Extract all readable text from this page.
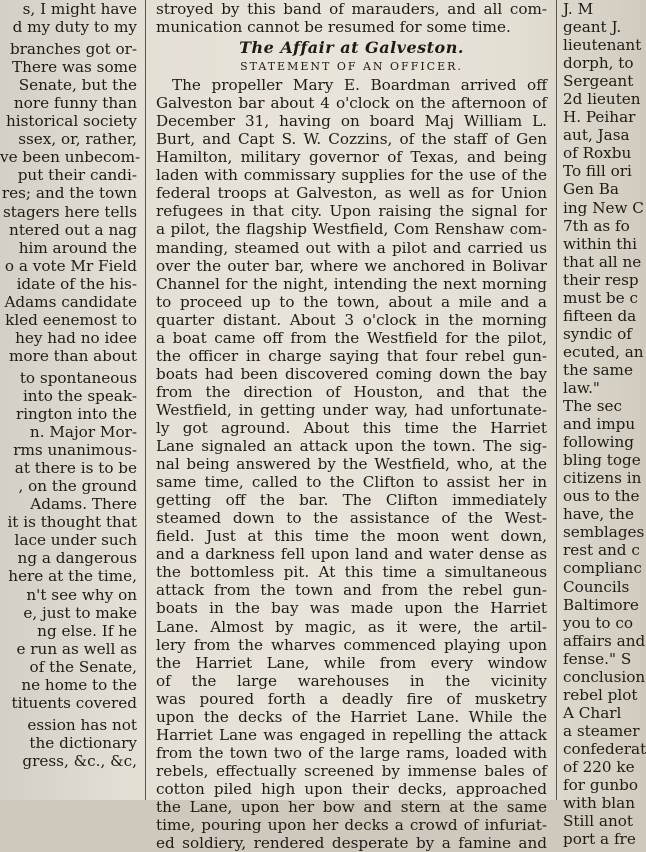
s, I might have
d my duty to my
branches got or-
There was some
Senate, but the
nore funny than
historical society
ssex, or, rather,
ve been unbecom-
put their candi-
res; and the town
stagers here tells
ntered out a nag
him around the
o a vote Mr Field
idate of the his-
Adams candidate
kled eenemost to
hey had no idee
more than about
to spontaneous
into the speak-
rington into the
n. Major Mor-
rms unanimous-
at there is to be
, on the ground
Adams. There
it is thought that
lace under such
ng a dangerous
here at the time,
n't see why on
e, just to make
ng else. If he
e run as well as
of the Senate,
ne home to the
tituents covered
ession has not
the dictionary
gress, &c., &c,
stroyed by this band of marauders, and all com-
munication cannot be resumed for some time.
The Affair at Galveston.
STATEMENT OF AN OFFICER.
The propeller Mary E. Boardman arrived off
Galveston bar about 4 o'clock on the afternoon of
December 31, having on board Maj William L.
Burt, and Capt S. W. Cozzins, of the staff of Gen
Hamilton, military governor of Texas, and being
laden with commissary supplies for the use of the
federal troops at Galveston, as well as for Union
refugees in that city. Upon raising the signal for
a pilot, the flagship Westfield, Com Renshaw com-
manding, steamed out with a pilot and carried us
over the outer bar, where we anchored in Bolivar
Channel for the night, intending the next morning
to proceed up to the town, about a mile and a
quarter distant. About 3 o'clock in the morning
a boat came off from the Westfield for the pilot,
the officer in charge saying that four rebel gun-
boats had been discovered coming down the bay
from the direction of Houston, and that the
Westfield, in getting under way, had unfortunate-
ly got aground. About this time the Harriet
Lane signaled an attack upon the town. The sig-
nal being answered by the Westfield, who, at the
same time, called to the Clifton to assist her in
getting off the bar. The Clifton immediately
steamed down to the assistance of the West-
field. Just at this time the moon went down,
and a darkness fell upon land and water dense as
the bottomless pit. At this time a simultaneous
attack from the town and from the rebel gun-
boats in the bay was made upon the Harriet
Lane. Almost by magic, as it were, the artil-
lery from the wharves commenced playing upon
the Harriet Lane, while from every window
of the large warehouses in the vicinity
was poured forth a deadly fire of musketry
upon the decks of the Harriet Lane. While the
Harriet Lane was engaged in repelling the attack
from the town two of the large rams, loaded with
rebels, effectually screened by immense bales of
cotton piled high upon their decks, approached
the Lane, upon her bow and stern at the same
time, pouring upon her decks a crowd of infuriat-
ed soldiery, rendered desperate by a famine and
J. M
geant J.
lieutenant
dorph, to
Sergeant
2d lieuten
H. Peihar
aut, Jasa
of Roxbu
To fill ori
Gen Ba
ing New C
7th as fo
within thi
that all ne
their resp
must be c
fifteen da
syndic of
ecuted, an
the same
law."
The sec
and impu
following
bling toge
citizens in
ous to the
have, the
semblages
rest and c
complianc
Councils
Baltimore
you to co
affairs and
fense." S
conclusion
rebel plot
A Charl
a steamer
confederat
of 220 ke
for gunbo
with blan
Still anot
port a fre
